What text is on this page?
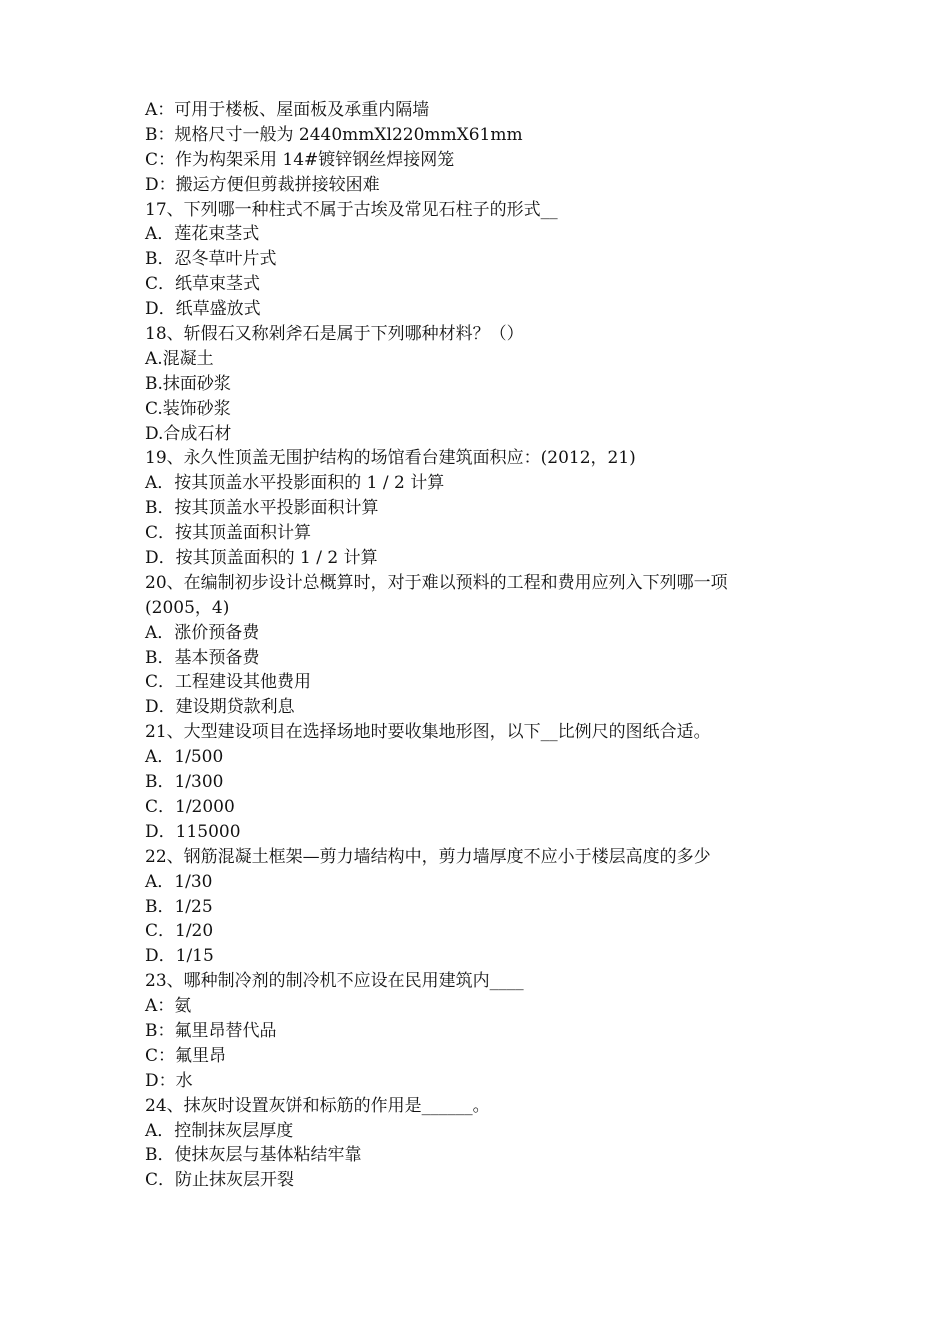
A：可用于楼板、屋面板及承重内隔墙
B：规格尺寸一般为 2440mmXl220mmX61mm
C：作为构架采用 14#镀锌钢丝焊接网笼
D：搬运方便但剪裁拼接较困难
17、下列哪一种柱式不属于古埃及常见石柱子的形式__
A．莲花束茎式
B．忍冬草叶片式
C．纸草束茎式
D．纸草盛放式
18、斩假石又称剁斧石是属于下列哪种材料？（）
A.混凝土
B.抹面砂浆
C.装饰砂浆
D.合成石材
19、永久性顶盖无围护结构的场馆看台建筑面积应：(2012，21)
A．按其顶盖水平投影面积的 1 / 2 计算
B．按其顶盖水平投影面积计算
C．按其顶盖面积计算
D．按其顶盖面积的 1 / 2 计算
20、在编制初步设计总概算时，对于难以预料的工程和费用应列入下列哪一项
(2005，4)
A．涨价预备费
B．基本预备费
C．工程建设其他费用
D．建设期贷款利息
21、大型建设项目在选择场地时要收集地形图，以下__比例尺的图纸合适。
A．1/500
B．1/300
C．1/2000
D．115000
22、钢筋混凝土框架—剪力墙结构中，剪力墙厚度不应小于楼层高度的多少
A．1/30
B．1/25
C．1/20
D．1/15
23、哪种制冷剂的制冷机不应设在民用建筑内____
A：氨
B：氟里昂替代品
C：氟里昂
D：水
24、抹灰时设置灰饼和标筋的作用是______。
A．控制抹灰层厚度
B．使抹灰层与基体粘结牢靠
C．防止抹灰层开裂
